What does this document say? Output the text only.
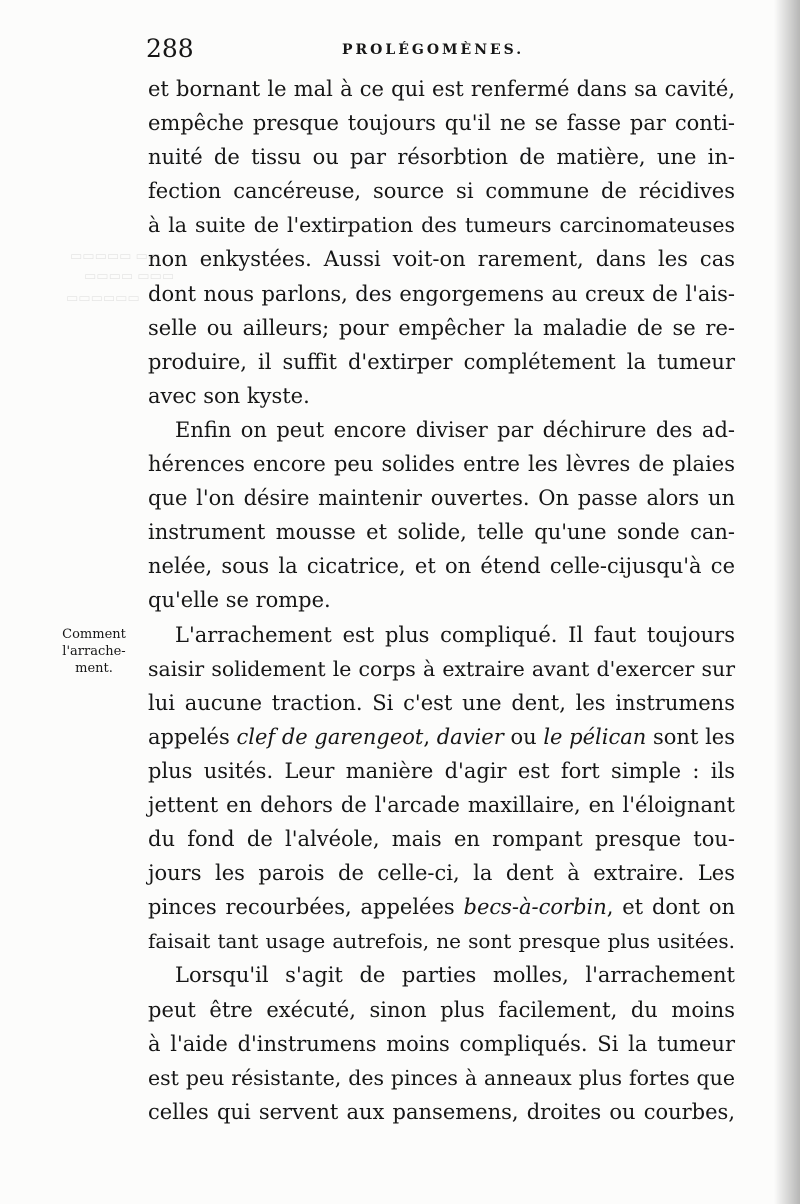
288	PROLÉGOMÈNES.
▭▭▭▭▭ ▭▭
▭▭▭▭ ▭▭▭
▭▭▭▭▭▭
Comment
l'arrache-
ment.
et bornant le mal à ce qui est renfermé dans sa cavité,
empêche presque toujours qu'il ne se fasse par conti-
nuité de tissu ou par résorbtion de matière, une in-
fection cancéreuse, source si commune de récidives
à la suite de l'extirpation des tumeurs carcinomateuses
non enkystées. Aussi voit-on rarement, dans les cas
dont nous parlons, des engorgemens au creux de l'ais-
selle ou ailleurs; pour empêcher la maladie de se re-
produire, il suffit d'extirper complétement la tumeur
avec son kyste.
Enfin on peut encore diviser par déchirure des ad-
hérences encore peu solides entre les lèvres de plaies
que l'on désire maintenir ouvertes. On passe alors un
instrument mousse et solide, telle qu'une sonde can-
nelée, sous la cicatrice, et on étend celle-cijusqu'à ce
qu'elle se rompe.
L'arrachement est plus compliqué. Il faut toujours
saisir solidement le corps à extraire avant d'exercer sur
lui aucune traction. Si c'est une dent, les instrumens
appelés clef de garengeot, davier ou le pélican sont les
plus usités. Leur manière d'agir est fort simple : ils
jettent en dehors de l'arcade maxillaire, en l'éloignant
du fond de l'alvéole, mais en rompant presque tou-
jours les parois de celle-ci, la dent à extraire. Les
pinces recourbées, appelées becs-à-corbin, et dont on
faisait tant usage autrefois, ne sont presque plus usitées.
Lorsqu'il s'agit de parties molles, l'arrachement
peut être exécuté, sinon plus facilement, du moins
à l'aide d'instrumens moins compliqués. Si la tumeur
est peu résistante, des pinces à anneaux plus fortes que
celles qui servent aux pansemens, droites ou courbes,
